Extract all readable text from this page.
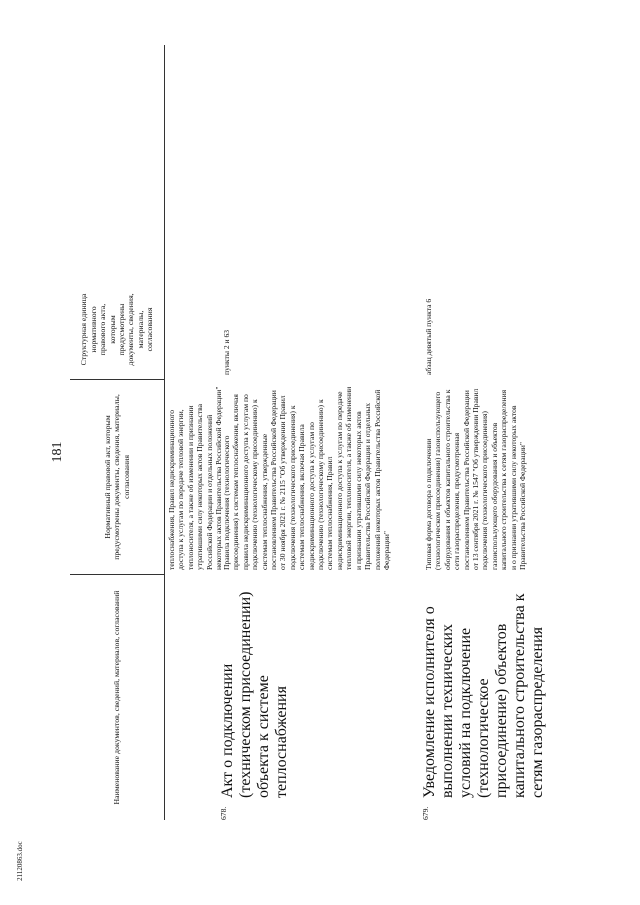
181
Наименование документов, сведений, материалов, согласований
Нормативный правовой акт, которым предусмотрены документы, сведения, материалы, согласования
Структурная единица нормативного правового акта, которым предусмотрены документы, сведения, материалы, согласования
теплоснабжения, Правил недискриминационного доступа к услугам по передаче тепловой энергии, теплоносителя, а также об изменении и признании утратившими силу некоторых актов Правительства Российской Федерации и отдельных положений некоторых актов Правительства Российской Федерации"
678.
Акт о подключении (техническом присоединении) объекта к системе теплоснабжения
Правила подключения (технологического присоединения) к системам теплоснабжения, включая правила недискриминационного доступа к услугам по подключению (технологическому присоединению) к системам теплоснабжения, утвержденные постановлением Правительства Российской Федерации от 30 ноября 2021 г. № 2115 "Об утверждении Правил подключения (технологического присоединения) к системам теплоснабжения, включая Правила недискриминационного доступа к услугам по подключению (технологическому присоединению) к системам теплоснабжения, Правил недискриминационного доступа к услугам по передаче тепловой энергии, теплоносителя, а также об изменении и признании утратившими силу некоторых актов Правительства Российской Федерации и отдельных положений некоторых актов Правительства Российской Федерации"
пункты 2 и 63
679.
Уведомление исполнителя о выполнении технических условий на подключение (технологическое присоединение) объектов капитального строительства к сетям газораспределения
Типовая форма договора о подключении (технологическом присоединении) газоиспользующего оборудования и объектов капитального строительства к сети газораспределения, предусмотренная постановлением Правительства Российской Федерации от 13 сентября 2021 г. № 1547 "Об утверждении Правил подключения (технологического присоединения) газоиспользующего оборудования и объектов капитального строительства к сетям газораспределения и о признании утратившими силу некоторых актов Правительства Российской Федерации"
абзац девятый пункта 6
21120863.doc
